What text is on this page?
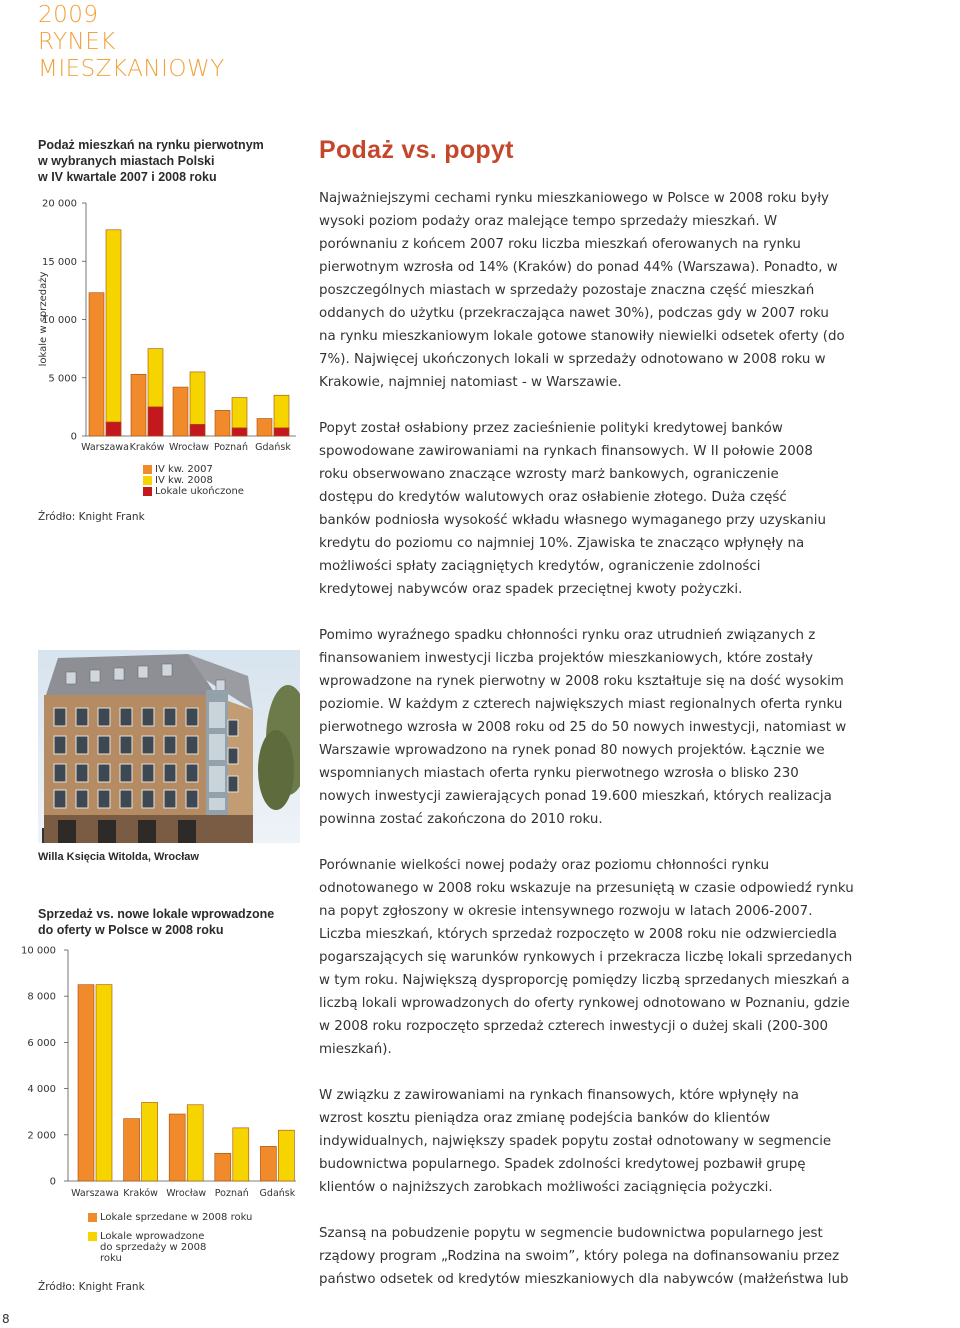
2009
RYNEK
MIESZKANIOWY
Podaż mieszkań na rynku pierwotnym
w wybranych miastach Polski
w IV kwartale 2007 i 2008 roku
0
5 000
10 000
15 000
20 000
lokale w sprzedaży
Warszawa Kraków Wrocław Poznań Gdańsk
IV kw. 2007
IV kw. 2008
Lokale ukończone
Źródło: Knight Frank
Willa Księcia Witolda, Wrocław
Sprzedaż vs. nowe lokale wprowadzone
do oferty w Polsce w 2008 roku
0
2 000
4 000
6 000
8 000
10 000
Warszawa Kraków Wrocław Poznań Gdańsk
Lokale sprzedane w 2008 roku
Lokale wprowadzone do sprzedaży w 2008 roku
Źródło: Knight Frank
8
Podaż vs. popyt

Najważniejszymi cechami rynku mieszkaniowego w Polsce w 2008 roku były wysoki poziom podaży oraz malejące tempo sprzedaży mieszkań. W porównaniu z końcem 2007 roku liczba mieszkań oferowanych na rynku pierwotnym wzrosła od 14% (Kraków) do ponad 44% (Warszawa). Ponadto, w poszczególnych miastach w sprzedaży pozostaje znaczna część mieszkań oddanych do użytku (przekraczająca nawet 30%), podczas gdy w 2007 roku na rynku mieszkaniowym lokale gotowe stanowiły niewielki odsetek oferty (do 7%). Najwięcej ukończonych lokali w sprzedaży odnotowano w 2008 roku w Krakowie, najmniej natomiast - w Warszawie.

Popyt został osłabiony przez zacieśnienie polityki kredytowej banków spowodowane zawirowaniami na rynkach finansowych. W II połowie 2008 roku obserwowano znaczące wzrosty marż bankowych, ograniczenie dostępu do kredytów walutowych oraz osłabienie złotego. Duża część banków podniosła wysokość wkładu własnego wymaganego przy uzyskaniu kredytu do poziomu co najmniej 10%. Zjawiska te znacząco wpłynęły na możliwości spłaty zaciągniętych kredytów, ograniczenie zdolności kredytowej nabywców oraz spadek przeciętnej kwoty pożyczki.

Pomimo wyraźnego spadku chłonności rynku oraz utrudnień związanych z finansowaniem inwestycji liczba projektów mieszkaniowych, które zostały wprowadzone na rynek pierwotny w 2008 roku kształtuje się na dość wysokim poziomie. W każdym z czterech największych miast regionalnych oferta rynku pierwotnego wzrosła w 2008 roku od 25 do 50 nowych inwestycji, natomiast w Warszawie wprowadzono na rynek ponad 80 nowych projektów. Łącznie we wspomnianych miastach oferta rynku pierwotnego wzrosła o blisko 230 nowych inwestycji zawierających ponad 19.600 mieszkań, których realizacja powinna zostać zakończona do 2010 roku.

Porównanie wielkości nowej podaży oraz poziomu chłonności rynku odnotowanego w 2008 roku wskazuje na przesuniętą w czasie odpowiedź rynku na popyt zgłoszony w okresie intensywnego rozwoju w latach 2006-2007. Liczba mieszkań, których sprzedaż rozpoczęto w 2008 roku nie odzwierciedla pogarszających się warunków rynkowych i przekracza liczbę lokali sprzedanych w tym roku. Największą dysproporcję pomiędzy liczbą sprzedanych mieszkań a liczbą lokali wprowadzonych do oferty rynkowej odnotowano w Poznaniu, gdzie w 2008 roku rozpoczęto sprzedaż czterech inwestycji o dużej skali (200-300 mieszkań).

W związku z zawirowaniami na rynkach finansowych, które wpłynęły na wzrost kosztu pieniądza oraz zmianę podejścia banków do klientów indywidualnych, największy spadek popytu został odnotowany w segmencie budownictwa popularnego. Spadek zdolności kredytowej pozbawił grupę klientów o najniższych zarobkach możliwości zaciągnięcia pożyczki.

Szansą na pobudzenie popytu w segmencie budownictwa popularnego jest rządowy program „Rodzina na swoim”, który polega na dofinansowaniu przez państwo odsetek od kredytów mieszkaniowych dla nabywców (małżeństwa lub
